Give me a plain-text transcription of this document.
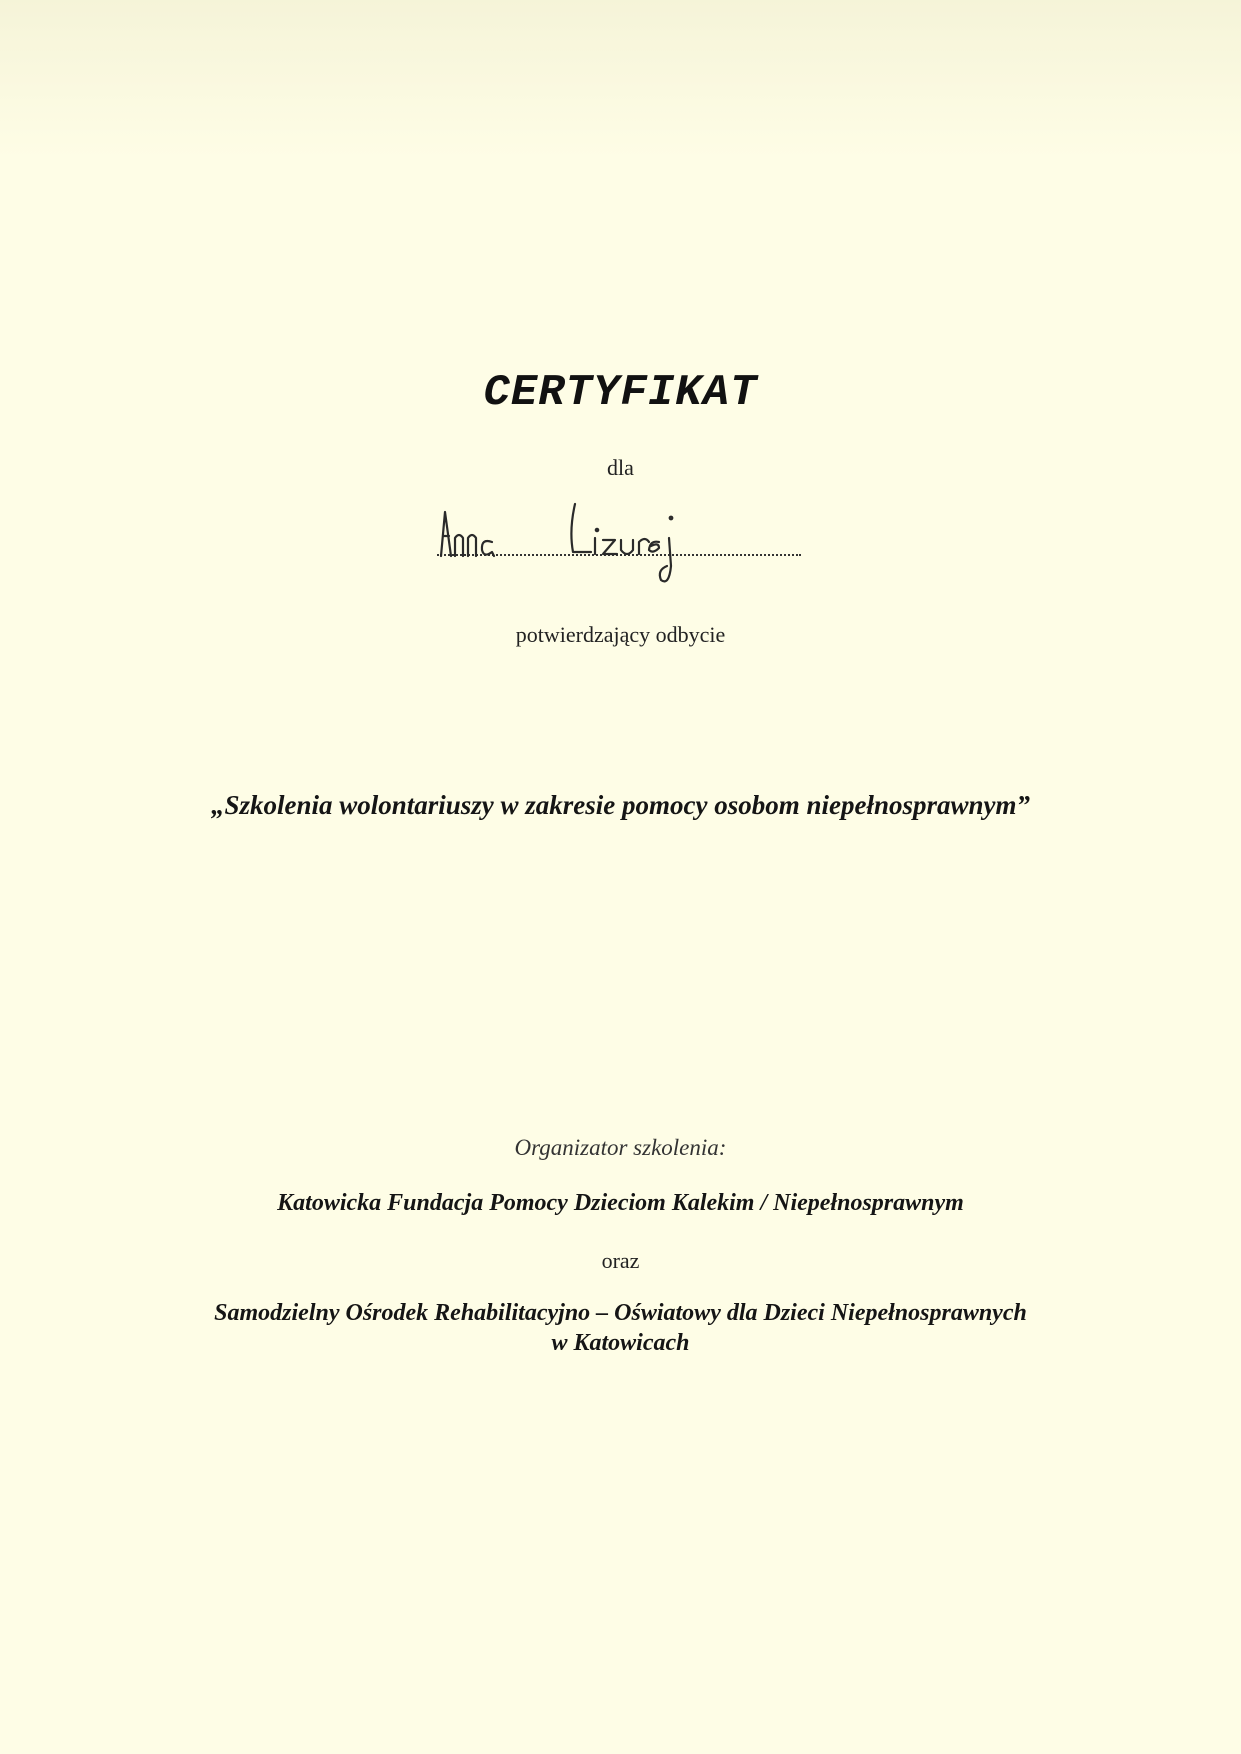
CERTYFIKAT
dla
potwierdzający odbycie
„Szkolenia wolontariuszy w zakresie pomocy osobom niepełnosprawnym”
Organizator szkolenia:
Katowicka Fundacja Pomocy Dzieciom Kalekim / Niepełnosprawnym
oraz
Samodzielny Ośrodek Rehabilitacyjno – Oświatowy dla Dzieci Niepełnosprawnych
w Katowicach
